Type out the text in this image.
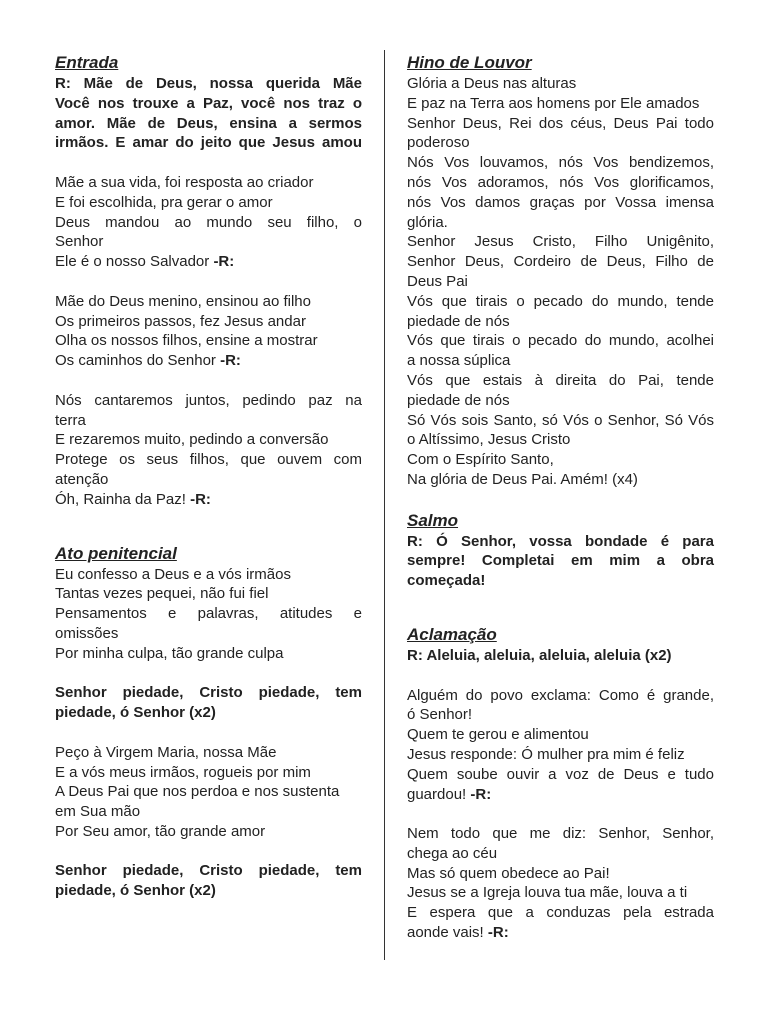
Entrada
R: Mãe de Deus, nossa querida Mãe
Você nos trouxe a Paz, você nos traz o
amor. Mãe de Deus, ensina a sermos
irmãos. E amar do jeito que Jesus amou
Mãe a sua vida, foi resposta ao criador
E foi escolhida, pra gerar o amor
Deus mandou ao mundo seu filho, o
Senhor
Ele é o nosso Salvador -R:
Mãe do Deus menino, ensinou ao filho
Os primeiros passos, fez Jesus andar
Olha os nossos filhos, ensine a mostrar
Os caminhos do Senhor -R:
Nós cantaremos juntos, pedindo paz na
terra
E rezaremos muito, pedindo a conversão
Protege os seus filhos, que ouvem com
atenção
Óh, Rainha da Paz! -R:
Ato penitencial
Eu confesso a Deus e a vós irmãos
Tantas vezes pequei, não fui fiel
Pensamentos e palavras, atitudes e
omissões
Por minha culpa, tão grande culpa
Senhor piedade, Cristo piedade, tem
piedade, ó Senhor (x2)
Peço à Virgem Maria, nossa Mãe
E a vós meus irmãos, rogueis por mim
A Deus Pai que nos perdoa e nos sustenta
em Sua mão
Por Seu amor, tão grande amor
Senhor piedade, Cristo piedade, tem
piedade, ó Senhor (x2)
Hino de Louvor
Glória a Deus nas alturas
E paz na Terra aos homens por Ele amados
Senhor Deus, Rei dos céus, Deus Pai todo
poderoso
Nós Vos louvamos, nós Vos bendizemos,
nós Vos adoramos, nós Vos glorificamos,
nós Vos damos graças por Vossa imensa
glória.
Senhor Jesus Cristo, Filho Unigênito,
Senhor Deus, Cordeiro de Deus, Filho de
Deus Pai
Vós que tirais o pecado do mundo, tende
piedade de nós
Vós que tirais o pecado do mundo, acolhei
a nossa súplica
Vós que estais à direita do Pai, tende
piedade de nós
Só Vós sois Santo, só Vós o Senhor, Só Vós
o Altíssimo, Jesus Cristo
Com o Espírito Santo,
Na glória de Deus Pai. Amém! (x4)
Salmo
R: Ó Senhor, vossa bondade é para
sempre! Completai em mim a obra
começada!
Aclamação
R: Aleluia, aleluia, aleluia, aleluia (x2)
Alguém do povo exclama: Como é grande,
ó Senhor!
Quem te gerou e alimentou
Jesus responde: Ó mulher pra mim é feliz
Quem soube ouvir a voz de Deus e tudo
guardou! -R:
Nem todo que me diz: Senhor, Senhor,
chega ao céu
Mas só quem obedece ao Pai!
Jesus se a Igreja louva tua mãe, louva a ti
E espera que a conduzas pela estrada
aonde vais! -R:
